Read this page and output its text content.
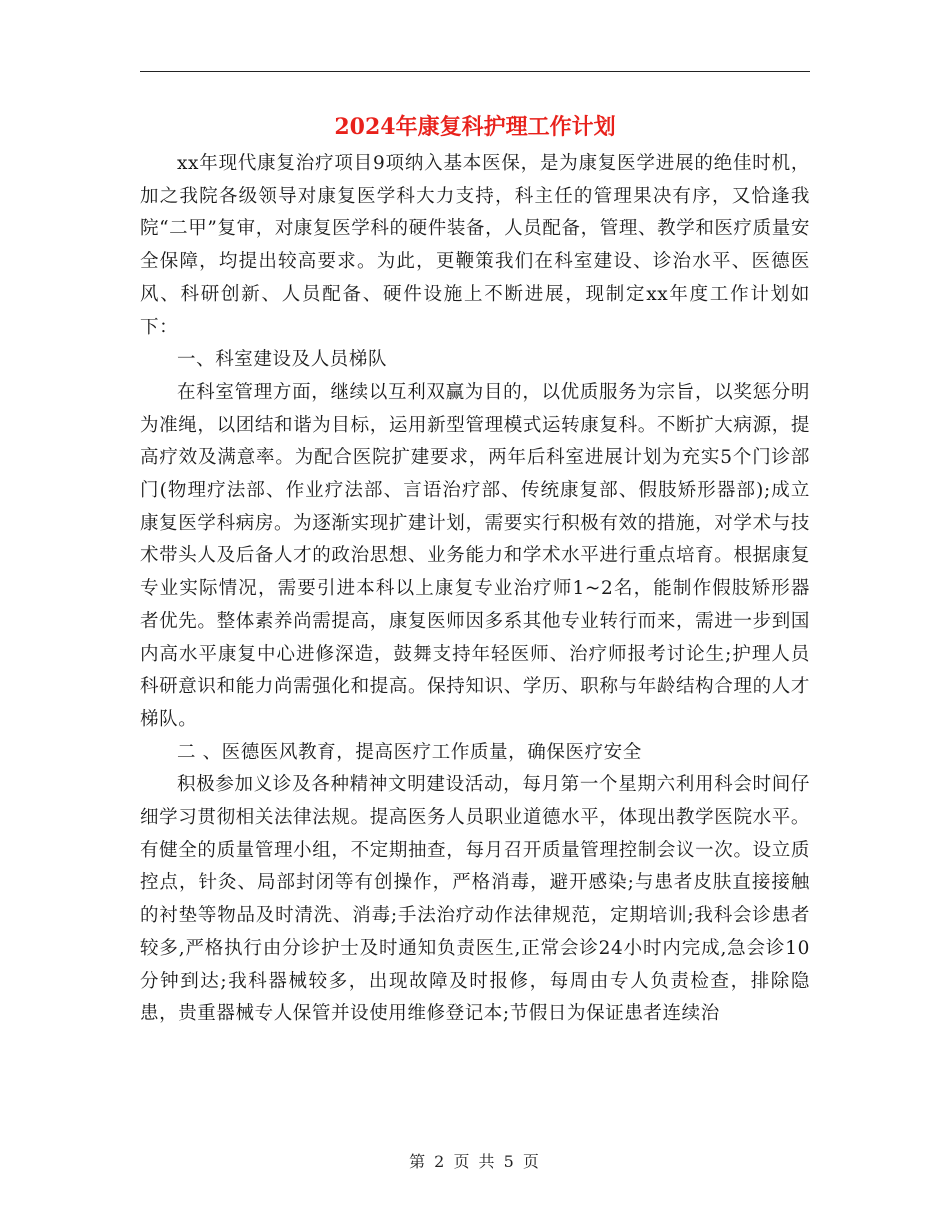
2024年康复科护理工作计划

xx年现代康复治疗项目9项纳入基本医保，是为康复医学进展的绝佳时机，加之我院各级领导对康复医学科大力支持，科主任的管理果决有序，又恰逢我院“二甲”复审，对康复医学科的硬件装备，人员配备，管理、教学和医疗质量安全保障，均提出较高要求。为此，更鞭策我们在科室建设、诊治水平、医德医风、科研创新、人员配备、硬件设施上不断进展，现制定xx年度工作计划如下：

一、科室建设及人员梯队

在科室管理方面，继续以互利双赢为目的，以优质服务为宗旨，以奖惩分明为准绳，以团结和谐为目标，运用新型管理模式运转康复科。不断扩大病源，提高疗效及满意率。为配合医院扩建要求，两年后科室进展计划为充实5个门诊部门(物理疗法部、作业疗法部、言语治疗部、传统康复部、假肢矫形器部);成立康复医学科病房。为逐渐实现扩建计划，需要实行积极有效的措施，对学术与技术带头人及后备人才的政治思想、业务能力和学术水平进行重点培育。根据康复专业实际情况，需要引进本科以上康复专业治疗师1~2名，能制作假肢矫形器者优先。整体素养尚需提高，康复医师因多系其他专业转行而来，需进一步到国内高水平康复中心进修深造，鼓舞支持年轻医师、治疗师报考讨论生;护理人员科研意识和能力尚需强化和提高。保持知识、学历、职称与年龄结构合理的人才梯队。

二 、医德医风教育，提高医疗工作质量，确保医疗安全

积极参加义诊及各种精神文明建设活动，每月第一个星期六利用科会时间仔细学习贯彻相关法律法规。提高医务人员职业道德水平，体现出教学医院水平。有健全的质量管理小组，不定期抽查，每月召开质量管理控制会议一次。设立质控点，针灸、局部封闭等有创操作，严格消毒，避开感染;与患者皮肤直接接触的衬垫等物品及时清洗、消毒;手法治疗动作法律规范，定期培训;我科会诊患者较多,严格执行由分诊护士及时通知负责医生,正常会诊24小时内完成,急会诊10分钟到达;我科器械较多，出现故障及时报修，每周由专人负责检查，排除隐患，贵重器械专人保管并设使用维修登记本;节假日为保证患者连续治

第 2 页 共 5 页
